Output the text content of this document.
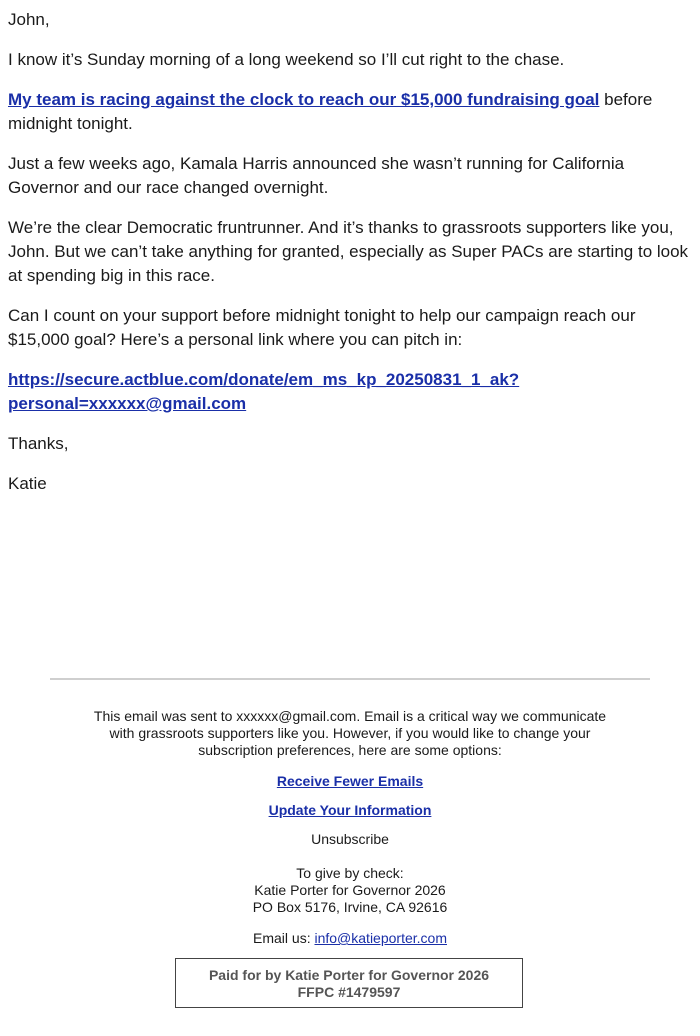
John,

I know it’s Sunday morning of a long weekend so I’ll cut right to the chase.

My team is racing against the clock to reach our $15,000 fundraising goal before midnight tonight.

Just a few weeks ago, Kamala Harris announced she wasn’t running for California Governor and our race changed overnight.

We’re the clear Democratic fruntrunner. And it’s thanks to grassroots supporters like you, John. But we can’t take anything for granted, especially as Super PACs are starting to look at spending big in this race.

Can I count on your support before midnight tonight to help our campaign reach our $15,000 goal? Here’s a personal link where you can pitch in:

https://secure.actblue.com/donate/em_ms_kp_20250831_1_ak?
personal=xxxxxx@gmail.com

Thanks,

Katie

This email was sent to xxxxxx@gmail.com. Email is a critical way we communicate with grassroots supporters like you. However, if you would like to change your subscription preferences, here are some options:
Receive Fewer Emails
Update Your Information
Unsubscribe
To give by check:
Katie Porter for Governor 2026
PO Box 5176, Irvine, CA 92616
Email us: info@katieporter.com
Paid for by Katie Porter for Governor 2026
FFPC #1479597
